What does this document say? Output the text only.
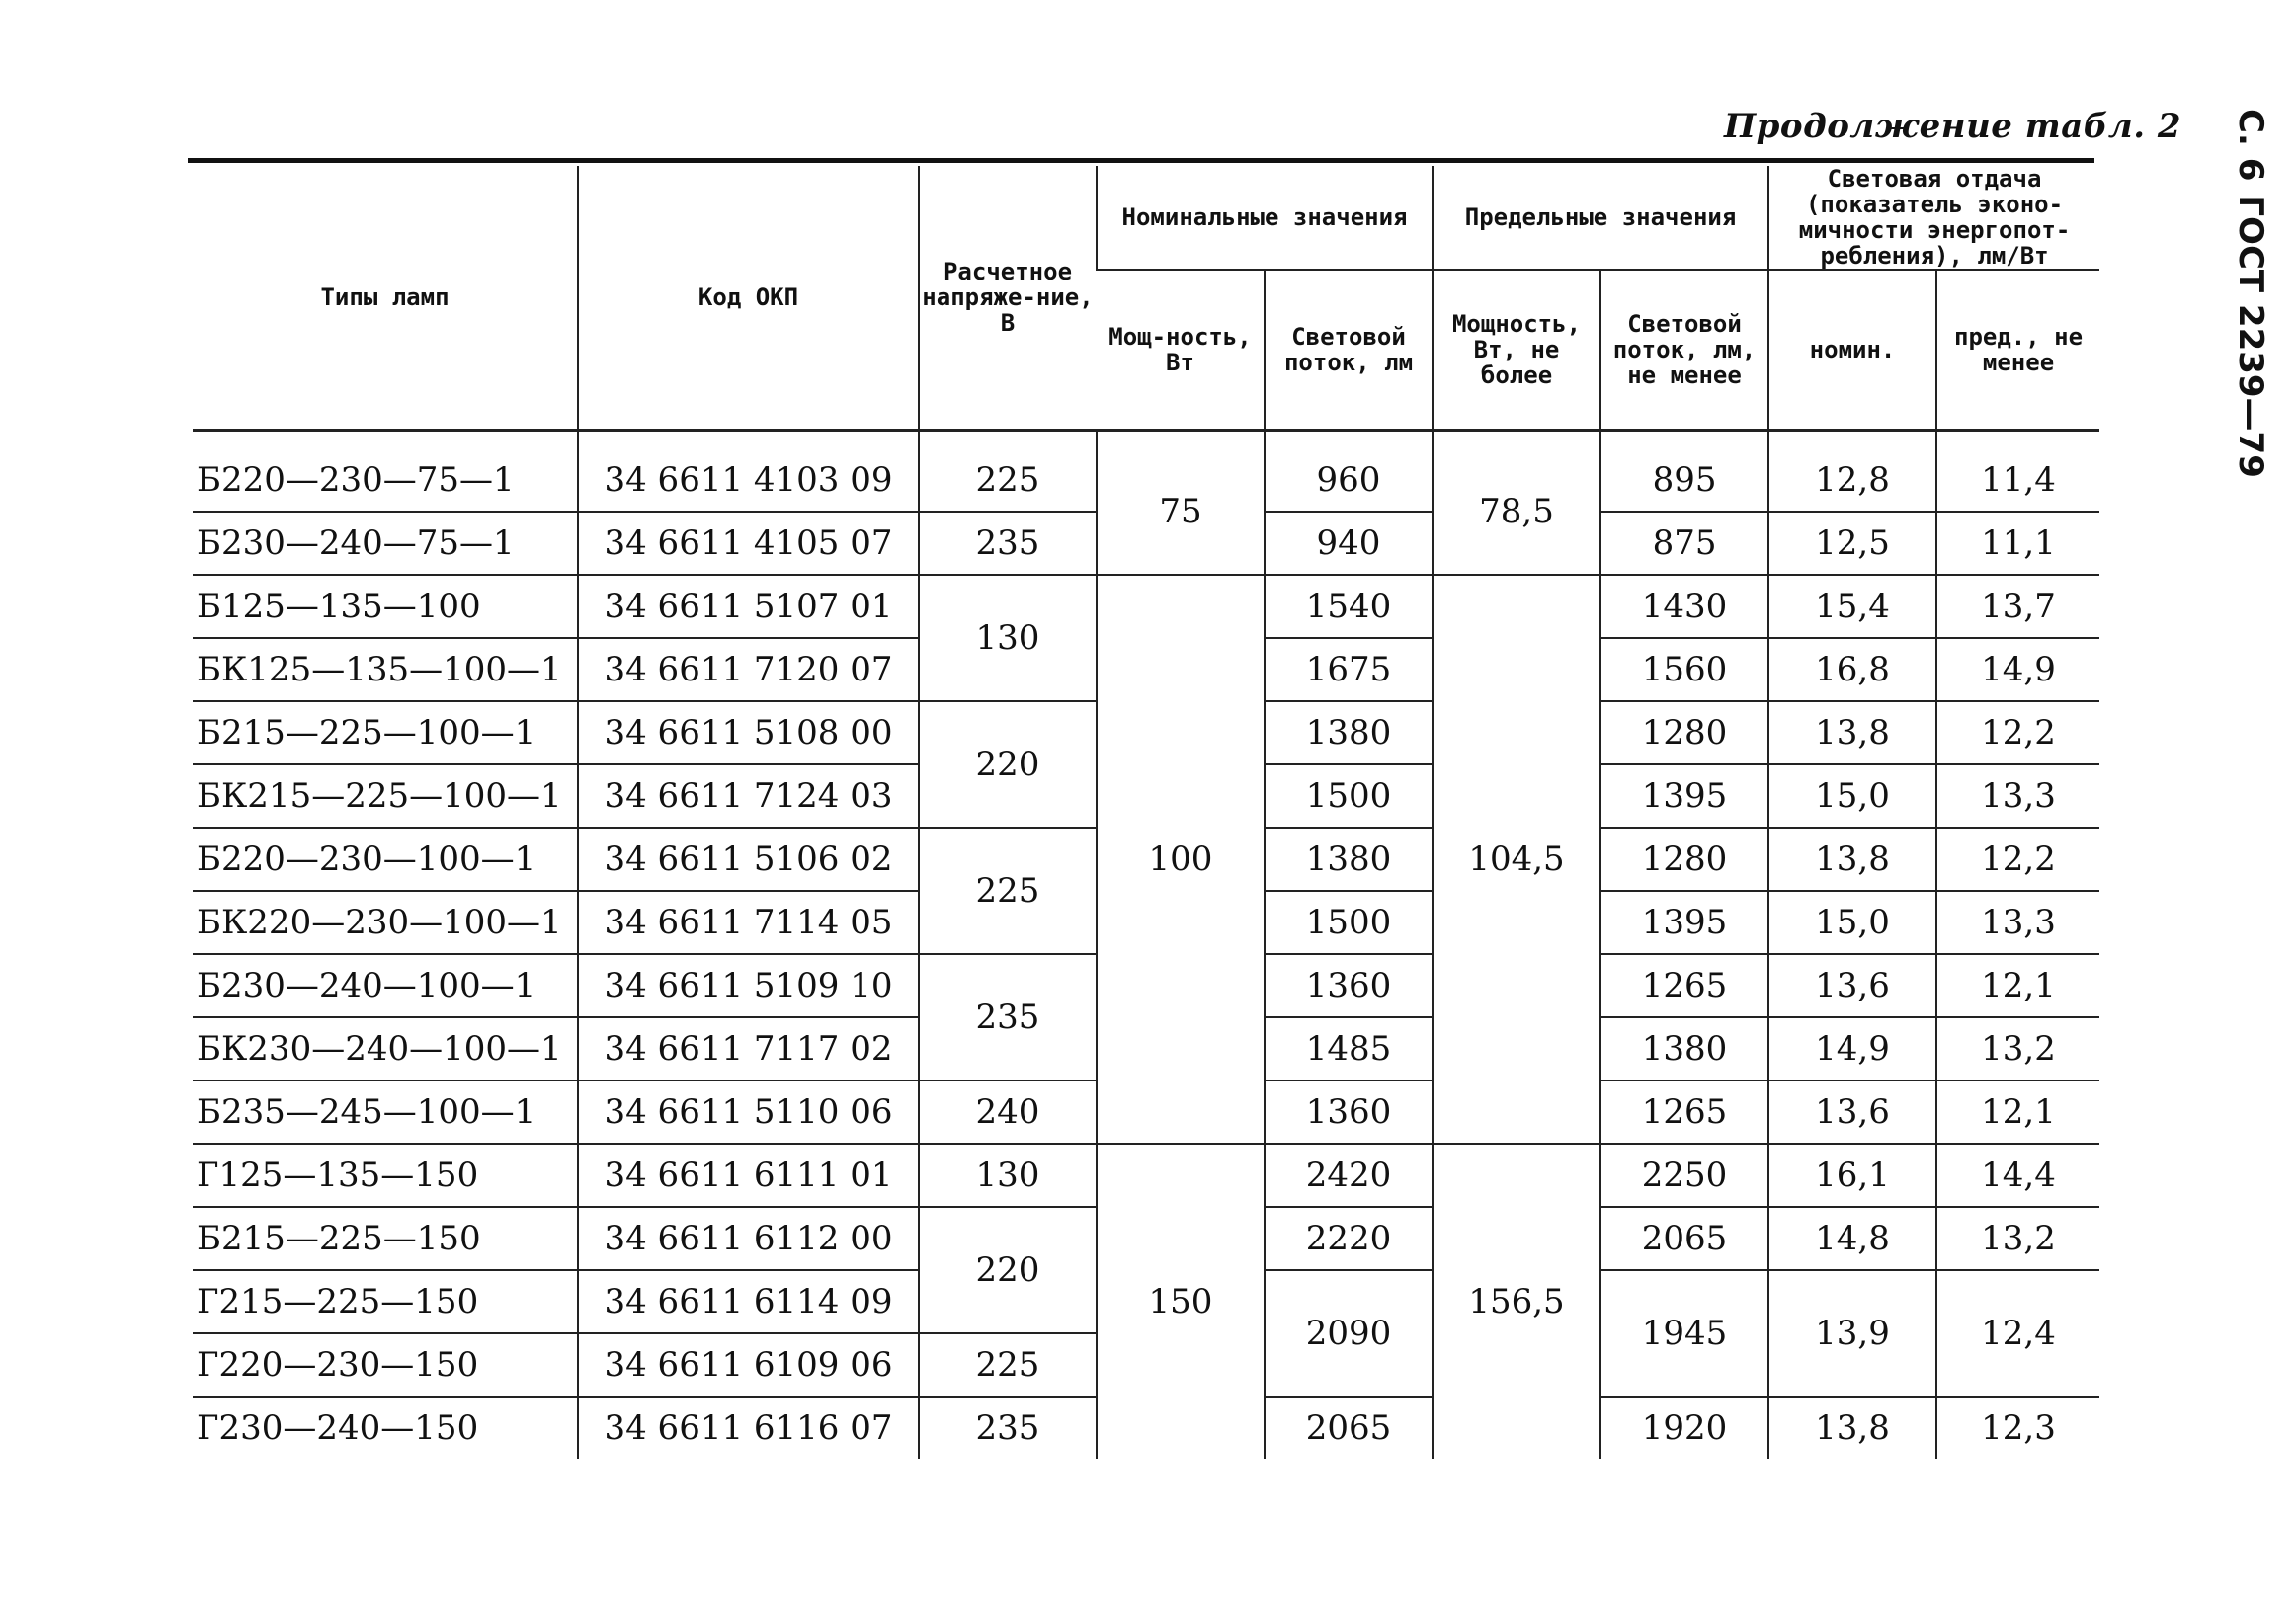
Продолжение табл. 2 С. 6ГОСТ 2239—79
Типы ламп	Код ОКП	Расчетное напряже-ние, В	Номинальные значения		Предельные значения		Световая отдача (показатель эконо-мичности энергопот-ребления), лм/Вт	
			Мощ-ность, Вт	Световой поток, лм	Мощность, Вт, не более	Световой поток, лм, не менее	номин.	пред., не менее
Б220—230—75—1	34 6611 4103 09	225	75	960	78,5	895	12,8	11,4
Б230—240—75—1	34 6611 4105 07	235		940		875	12,5	11,1
Б125—135—100	34 6611 5107 01	130	100	1540	104,5	1430	15,4	13,7
БК125—135—100—1	34 6611 7120 07			1675		1560	16,8	14,9
Б215—225—100—1	34 6611 5108 00	220		1380		1280	13,8	12,2
БК215—225—100—1	34 6611 7124 03			1500		1395	15,0	13,3
Б220—230—100—1	34 6611 5106 02	225		1380		1280	13,8	12,2
БК220—230—100—1	34 6611 7114 05			1500		1395	15,0	13,3
Б230—240—100—1	34 6611 5109 10	235		1360		1265	13,6	12,1
БК230—240—100—1	34 6611 7117 02			1485		1380	14,9	13,2
Б235—245—100—1	34 6611 5110 06	240		1360		1265	13,6	12,1
Г125—135—150	34 6611 6111 01	130	150	2420	156,5	2250	16,1	14,4
Б215—225—150	34 6611 6112 00	220		2220		2065	14,8	13,2
Г215—225—150	34 6611 6114 09			2090		1945	13,9	12,4
Г220—230—150	34 6611 6109 06	225						
Г230—240—150	34 6611 6116 07	235		2065		1920	13,8	12,3
